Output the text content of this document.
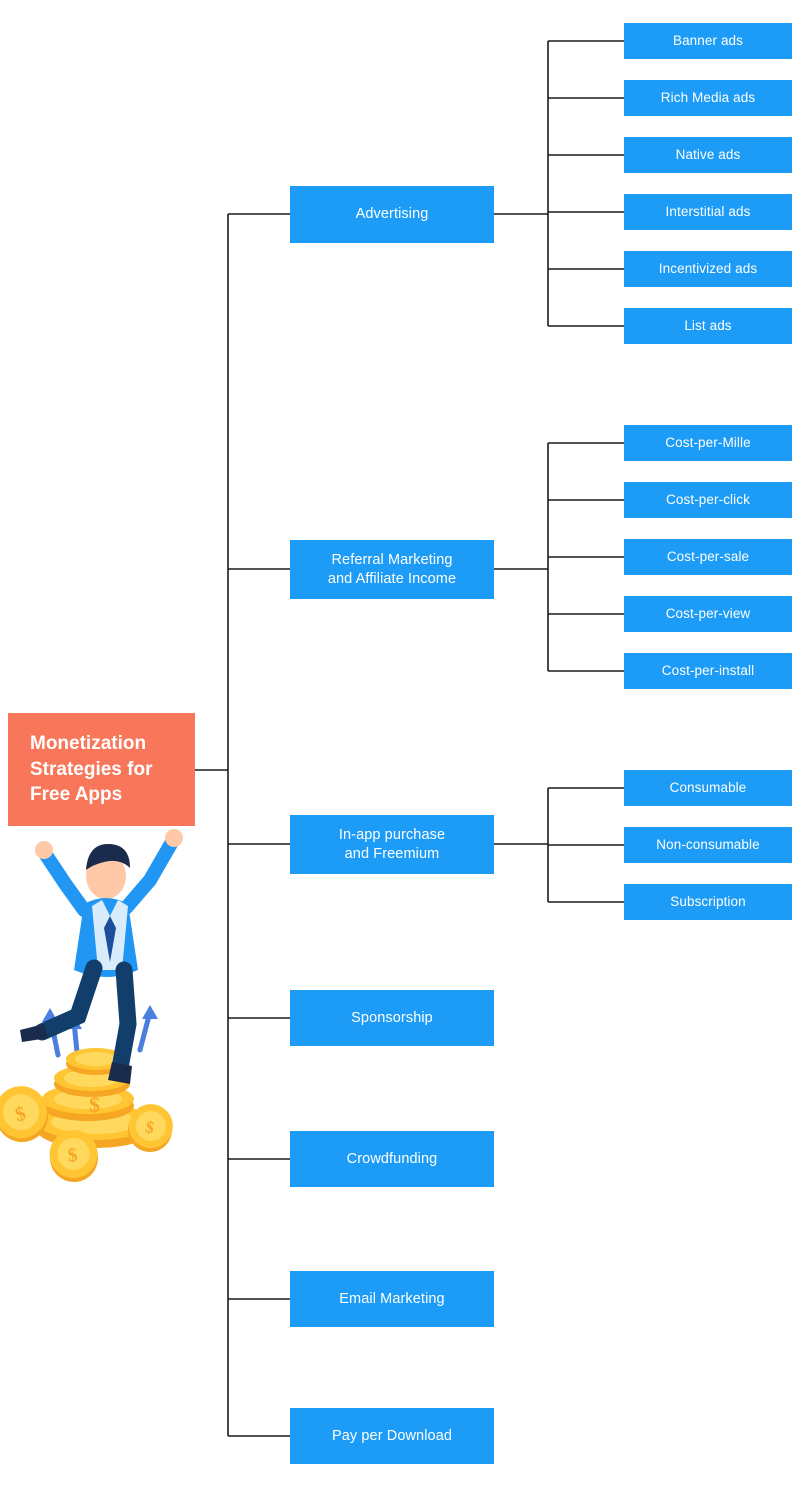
Monetization
Strategies for
Free Apps
$
$
$
$
Advertising
Referral Marketing
and Affiliate Income
In-app purchase
and Freemium
Sponsorship
Crowdfunding
Email Marketing
Pay per Download
Banner ads
Rich Media ads
Native ads
Interstitial ads
Incentivized ads
List ads
Cost-per-Mille
Cost-per-click
Cost-per-sale
Cost-per-view
Cost-per-install
Consumable
Non-consumable
Subscription
